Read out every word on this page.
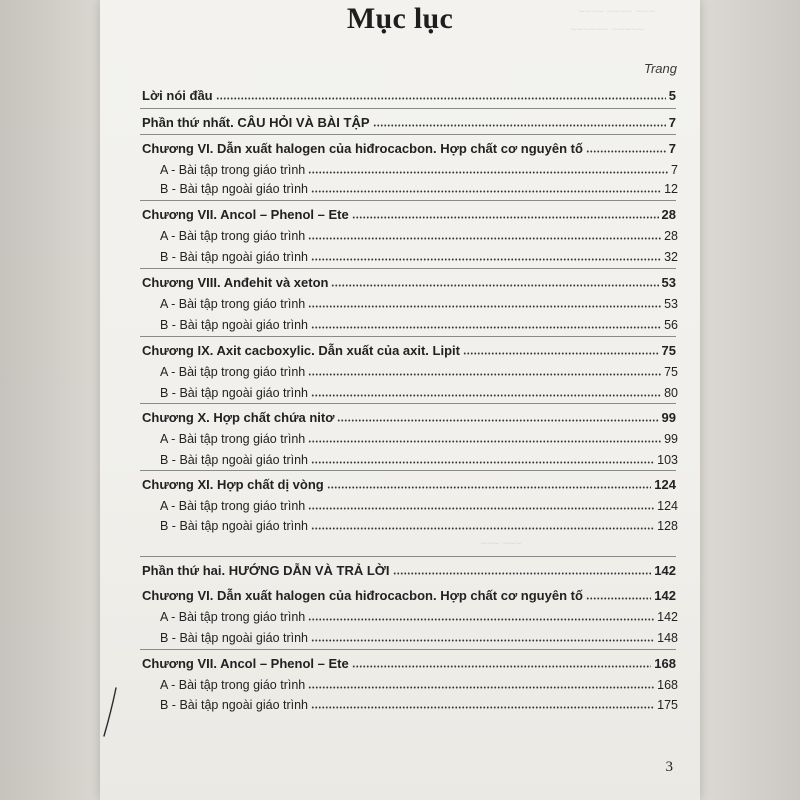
~~~~ ~~~~ ~~~
~~~~~~ ~~~~~
~~~ ~~~
Mục lục
Trang
Lời nói đầu	5
Phần thứ nhất. CÂU HỎI VÀ BÀI TẬP	7
Chương VI. Dẫn xuất halogen của hiđrocacbon. Hợp chất cơ nguyên tố	7
A - Bài tập trong giáo trình	7
B - Bài tập ngoài giáo trình	12
Chương VII. Ancol – Phenol – Ete	28
A - Bài tập trong giáo trình	28
B - Bài tập ngoài giáo trình	32
Chương VIII. Anđehit và xeton	53
A - Bài tập trong giáo trình	53
B - Bài tập ngoài giáo trình	56
Chương IX. Axit cacboxylic. Dẫn xuất của axit. Lipit	75
A - Bài tập trong giáo trình	75
B - Bài tập ngoài giáo trình	80
Chương X. Hợp chất chứa nitơ	99
A - Bài tập trong giáo trình	99
B - Bài tập ngoài giáo trình	103
Chương XI. Hợp chất dị vòng	124
A - Bài tập trong giáo trình	124
B - Bài tập ngoài giáo trình	128
Phần thứ hai. HƯỚNG DẪN VÀ TRẢ LỜI	142
Chương VI. Dẫn xuất halogen của hiđrocacbon. Hợp chất cơ nguyên tố	142
A - Bài tập trong giáo trình	142
B - Bài tập ngoài giáo trình	148
Chương VII. Ancol – Phenol – Ete	168
A - Bài tập trong giáo trình	168
B - Bài tập ngoài giáo trình	175
3
